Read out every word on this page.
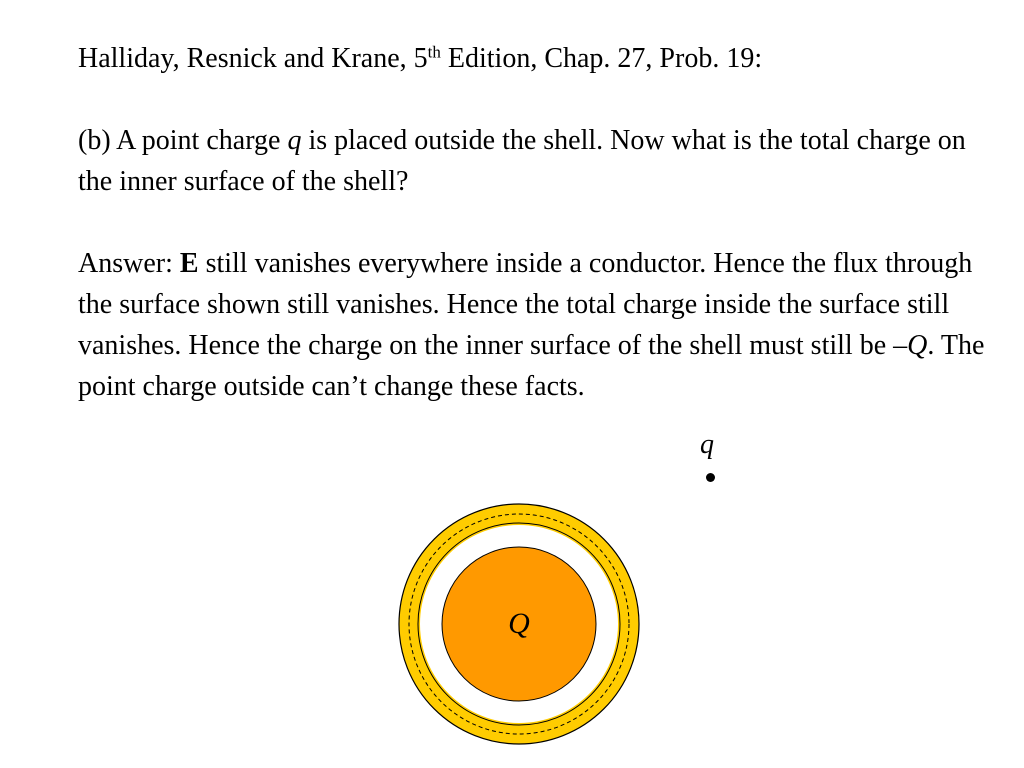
Halliday, Resnick and Krane, 5th Edition, Chap. 27, Prob. 19:
(b) A point charge q is placed outside the shell. Now what is the total charge on the inner surface of the shell?
Answer: E still vanishes everywhere inside a conductor. Hence the flux through the surface shown still vanishes. Hence the total charge inside the surface still vanishes. Hence the charge on the inner surface of the shell must still be –Q. The point charge outside can’t change these facts.
q
Q
